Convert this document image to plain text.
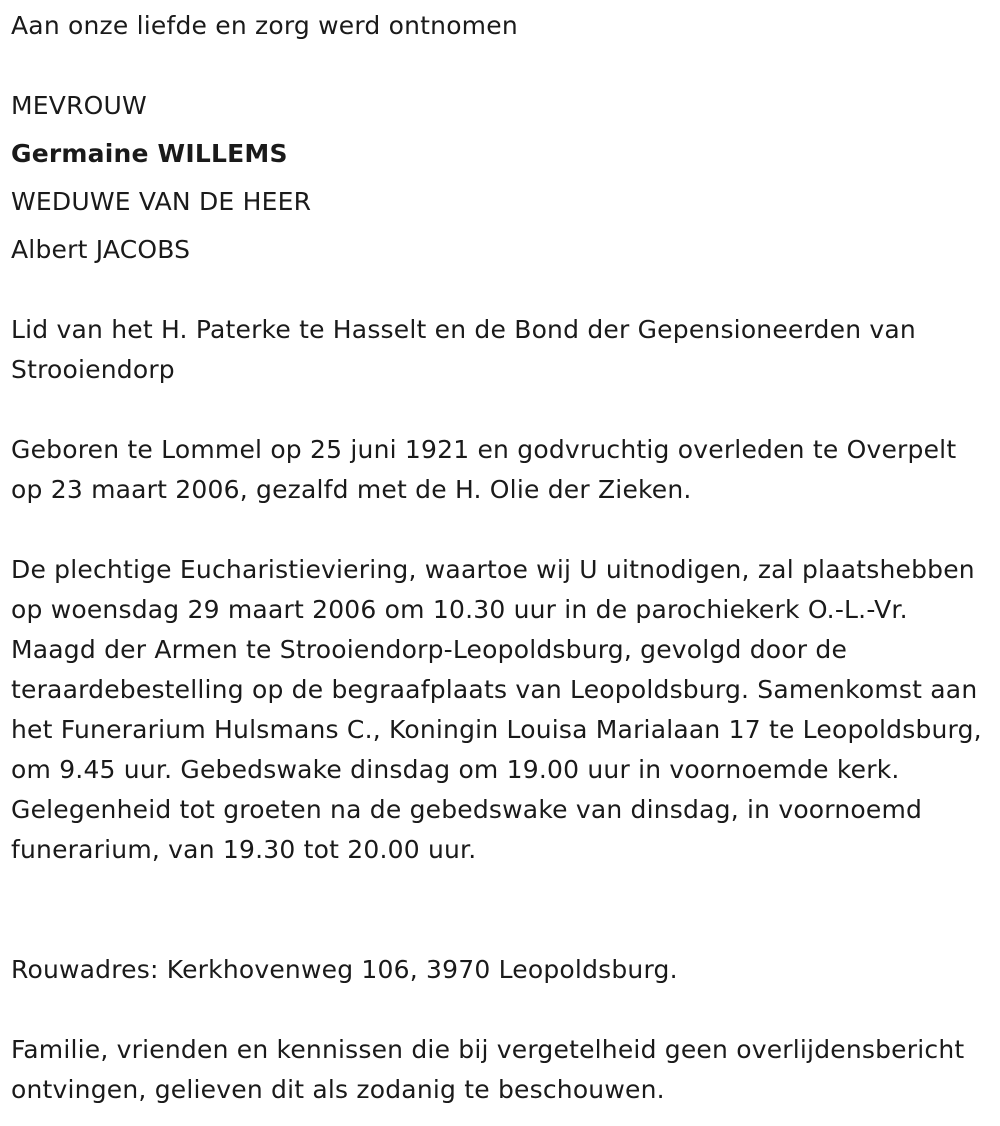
Aan onze liefde en zorg werd ontnomen
MEVROUW
Germaine WILLEMS
WEDUWE VAN DE HEER
Albert JACOBS

Lid van het H. Paterke te Hasselt en de Bond der Gepensioneerden van Strooiendorp

Geboren te Lommel op 25 juni 1921 en godvruchtig overleden te Overpelt op 23 maart 2006, gezalfd met de H. Olie der Zieken.

De plechtige Eucharistieviering, waartoe wij U uitnodigen, zal plaatshebben op woensdag 29 maart 2006 om 10.30 uur in de parochiekerk O.-L.-Vr. Maagd der Armen te Strooiendorp-Leopoldsburg, gevolgd door de teraardebestelling op de begraafplaats van Leopoldsburg. Samenkomst aan het Funerarium Hulsmans C., Koningin Louisa Marialaan 17 te Leopoldsburg, om 9.45 uur. Gebedswake dinsdag om 19.00 uur in voornoemde kerk. Gelegenheid tot groeten na de gebedswake van dinsdag, in voornoemd funerarium, van 19.30 tot 20.00 uur.

Rouwadres: Kerkhovenweg 106, 3970 Leopoldsburg.

Familie, vrienden en kennissen die bij vergetelheid geen overlijdensbericht ontvingen, gelieven dit als zodanig te beschouwen.
